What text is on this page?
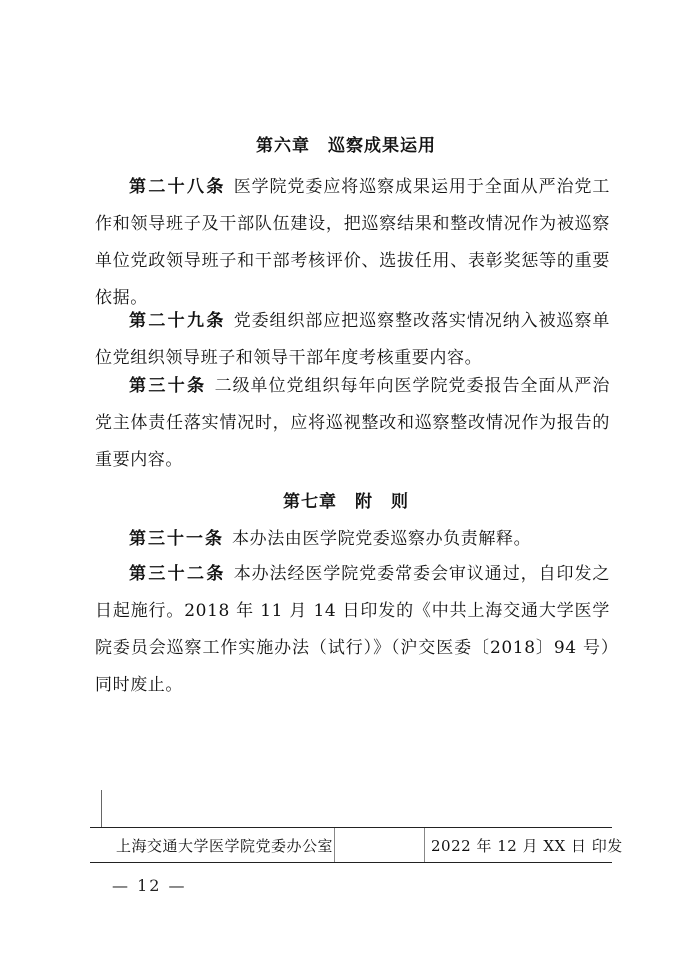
第六章 巡察成果运用

第二十八条 医学院党委应将巡察成果运用于全面从严治党工作和领导班子及干部队伍建设，把巡察结果和整改情况作为被巡察单位党政领导班子和干部考核评价、选拔任用、表彰奖惩等的重要依据。

第二十九条 党委组织部应把巡察整改落实情况纳入被巡察单位党组织领导班子和领导干部年度考核重要内容。

第三十条 二级单位党组织每年向医学院党委报告全面从严治党主体责任落实情况时，应将巡视整改和巡察整改情况作为报告的重要内容。

第七章 附　则

第三十一条 本办法由医学院党委巡察办负责解释。

第三十二条 本办法经医学院党委常委会审议通过，自印发之日起施行。2018 年 11 月 14 日印发的《中共上海交通大学医学院委员会巡察工作实施办法（试行）》（沪交医委〔2018〕94 号）同时废止。

上海交通大学医学院党委办公室	2022 年 12 月 XX 日 印发
— 12 —
